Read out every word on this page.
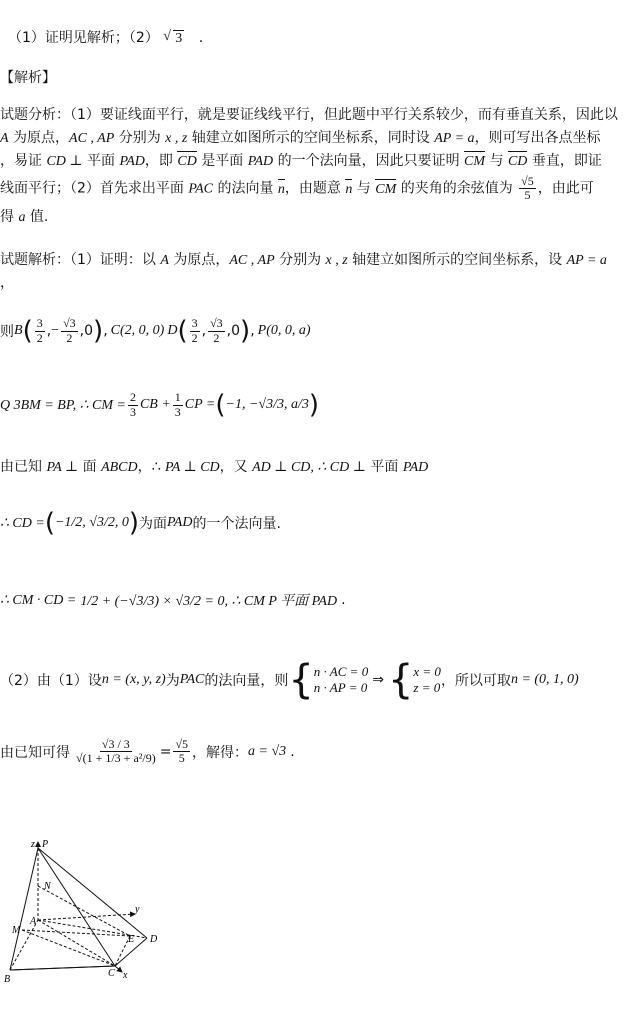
（1）证明见解析；（2） √ 3 .
【解析】
试题分析：（1）要证线面平行，就是要证线线平行，但此题中平行关系较少，而有垂直关系，因此以
A 为原点，AC , AP 分别为 x , z 轴建立如图所示的空间坐标系，同时设 AP = a，则可写出各点坐标
，易证 CD ⊥ 平面 PAD，即 CD 是平面 PAD 的一个法向量，因此只要证明 CM 与 CD 垂直，即证
线面平行；（2）首先求出平面 PAC 的法向量 n，由题意 n 与 CM 的夹角的余弦值为 $\frac{√5}{5}$ ，由此可
得 a 值.
试题解析：（1）证明：以 A 为原点，AC , AP 分别为 x , z 轴建立如图所示的空间坐标系，设 AP = a
，
则 B ( $\frac{3}{2}$ , − $\frac{√3}{2}$ , 0 ) , C(2, 0, 0) D ( $\frac{3}{2}$ , $\frac{√3}{2}$ , 0 ) , P(0, 0, a)
Q 3BM = BP, ∴ CM = $\frac{2}{3}$ CB + $\frac{1}{3}$ CP = ( −1, −√3/3, a/3 )
由已知 PA ⊥ 面 ABCD，∴ PA ⊥ CD，又 AD ⊥ CD, ∴ CD ⊥ 平面 PAD
∴ CD = ( −1/2, √3/2, 0 ) 为面 PAD 的一个法向量.
∴ CM · CD = 1/2 + (−√3/3) × √3/2 = 0, ∴ CM P 平面 PAD .
（2）由（1）设 n = (x, y, z) 为 PAC 的法向量，则 { n · AC = 0
n · AP = 0 ⇒ { x = 0
z = 0 ，所以可取 n = (0, 1, 0)
由已知可得 $\frac{√3 / 3}{\text{√(1 + 1/3 + a²/9)}} = \frac{√5}{5}$ ，解得： a = √3 .
z P
N
A
M
y
E D
B
C x
